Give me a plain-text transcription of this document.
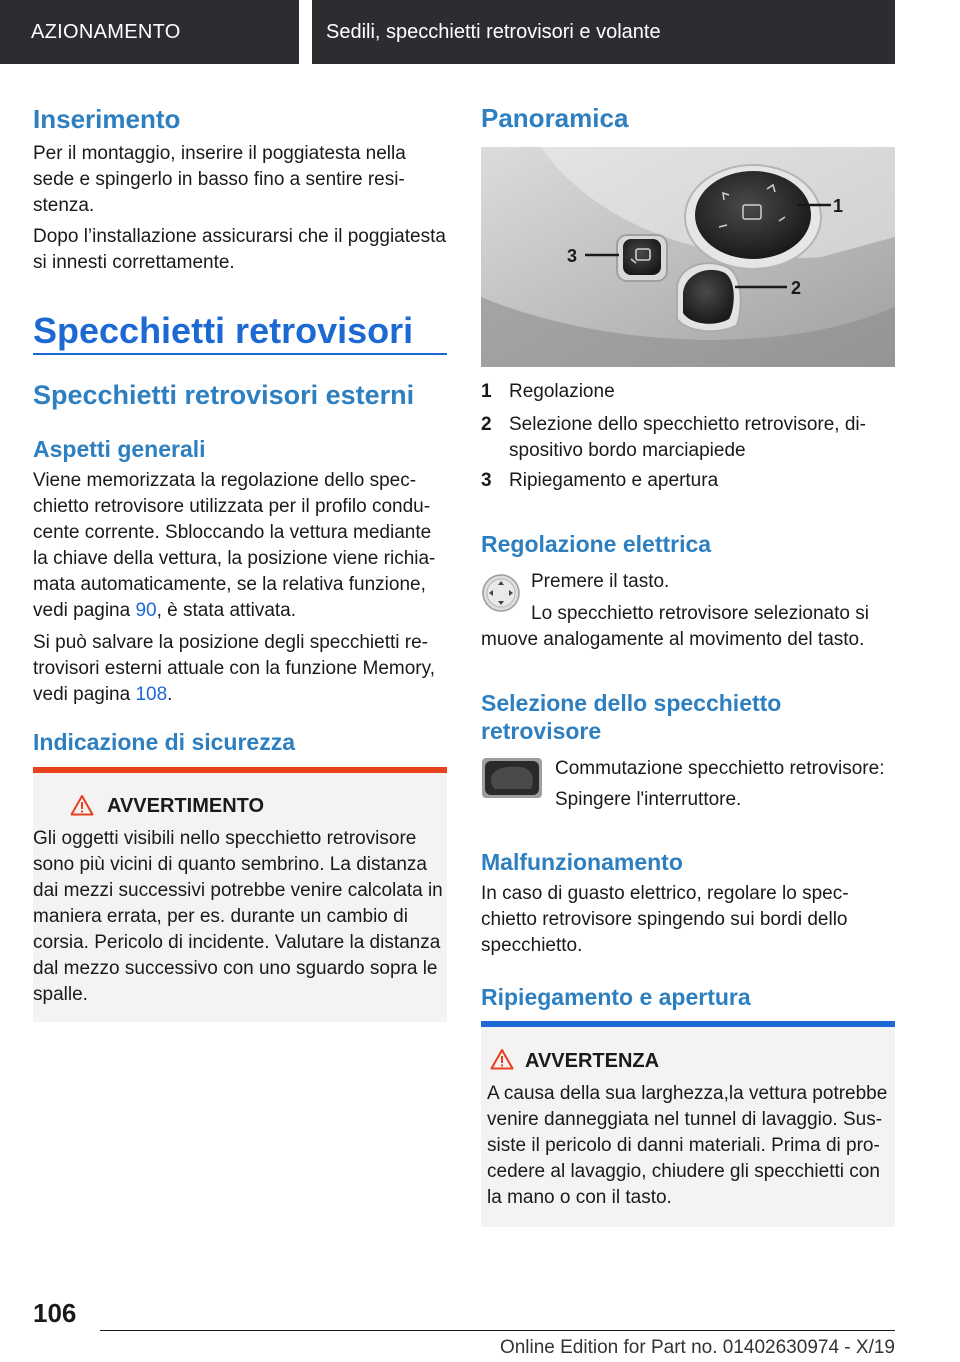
AZIONAMENTO	Sedili, specchietti retrovisori e volante
Inserimento

Per il montaggio, inserire il poggiatesta nella sede e spingerlo in basso fino a sentire resi-stenza.

Dopo l’installazione assicurarsi che il poggiatesta si innesti correttamente.

Specchietti retrovisori
Specchietti retrovisori esterni
Aspetti generali

Viene memorizzata la regolazione dello spec-chietto retrovisore utilizzata per il profilo condu-cente corrente. Sbloccando la vettura mediante la chiave della vettura, la posizione viene richia-mata automaticamente, se la relativa funzione, vedi pagina 90, è stata attivata.

Si può salvare la posizione degli specchietti re-trovisori esterni attuale con la funzione Memory, vedi pagina 108.

Indicazione di sicurezza
AVVERTIMENTO
Gli oggetti visibili nello specchietto retrovisore sono più vicini di quanto sembrino. La distanza dai mezzi successivi potrebbe venire calcolata in maniera errata, per es. durante un cambio di corsia. Pericolo di incidente. Valutare la distanza dal mezzo successivo con uno sguardo sopra le spalle.
Panoramica
1
2
3
1 Regolazione
2 Selezione dello specchietto retrovisore, di-spositivo bordo marciapiede
3 Ripiegamento e apertura
Regolazione elettrica

Premere il tasto.

Lo specchietto retrovisore selezionato si muove analogamente al movimento del tasto.

Selezione dello specchietto retrovisore

Commutazione specchietto retrovisore:

Spingere l'interruttore.

Malfunzionamento

In caso di guasto elettrico, regolare lo spec-chietto retrovisore spingendo sui bordi dello specchietto.

Ripiegamento e apertura
AVVERTENZA
A causa della sua larghezza,la vettura potrebbe venire danneggiata nel tunnel di lavaggio. Sus-siste il pericolo di danni materiali. Prima di pro-cedere al lavaggio, chiudere gli specchietti con la mano o con il tasto.
106
Online Edition for Part no. 01402630974 - X/19
